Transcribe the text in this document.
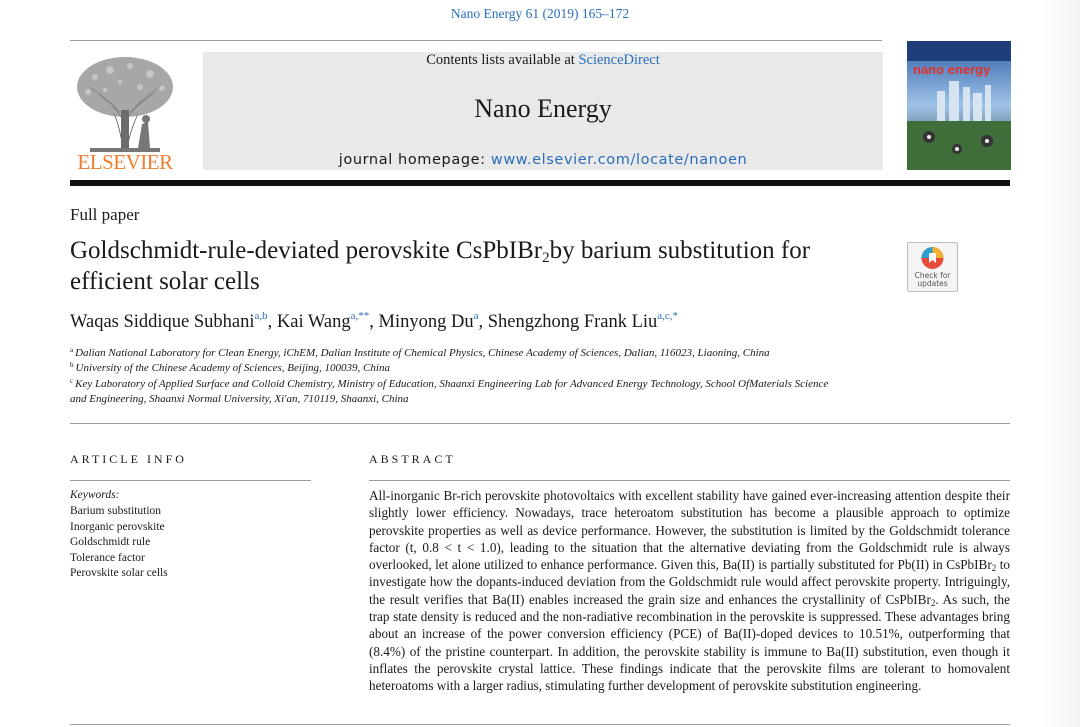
Nano Energy 61 (2019) 165–172
ELSEVIER
Contents lists available at ScienceDirect
Nano Energy
journal homepage: www.elsevier.com/locate/nanoen
nano energy
Full paper
Goldschmidt-rule-deviated perovskite CsPbIBr$_2$by barium substitution for
efficient solar cells	Check for updates
Waqas Siddique Subhani$^{a,b}$, Kai Wang$^{a,**}$, Minyong Du$^a$, Shengzhong Frank Liu$^{a,c,*}$
$^a$ Dalian National Laboratory for Clean Energy, iChEM, Dalian Institute of Chemical Physics, Chinese Academy of Sciences, Dalian, 116023, Liaoning, China
$^b$ University of the Chinese Academy of Sciences, Beijing, 100039, China
$^c$ Key Laboratory of Applied Surface and Colloid Chemistry, Ministry of Education, Shaanxi Engineering Lab for Advanced Energy Technology, School OfMaterials Science
and Engineering, Shaanxi Normal University, Xi'an, 710119, Shaanxi, China
ARTICLE INFO
Keywords:
Barium substitution
Inorganic perovskite
Goldschmidt rule
Tolerance factor
Perovskite solar cells
ABSTRACT
All-inorganic Br-rich perovskite photovoltaics with excellent stability have gained ever-increasing attention despite their slightly lower efficiency. Nowadays, trace heteroatom substitution has become a plausible approach to optimize perovskite properties as well as device performance. However, the substitution is limited by the Goldschmidt tolerance factor (t, 0.8 < t < 1.0), leading to the situation that the alternative deviating from the Goldschmidt rule is always overlooked, let alone utilized to enhance performance. Given this, Ba(II) is partially substituted for Pb(II) in CsPbIBr$_2$ to investigate how the dopants-induced deviation from the Goldschmidt rule would affect perovskite property. Intriguingly, the result verifies that Ba(II) enables increased the grain size and enhances the crystallinity of CsPbIBr$_2$. As such, the trap state density is reduced and the non-radiative recombination in the perovskite is suppressed. These advantages bring about an increase of the power conversion efficiency (PCE) of Ba(II)-doped devices to 10.51%, outperforming that (8.4%) of the pristine counterpart. In addition, the perovskite stability is immune to Ba(II) substitution, even though it inflates the perovskite crystal lattice. These findings indicate that the perovskite films are tolerant to homovalent heteroatoms with a larger radius, stimulating further development of perovskite substitution engineering.
